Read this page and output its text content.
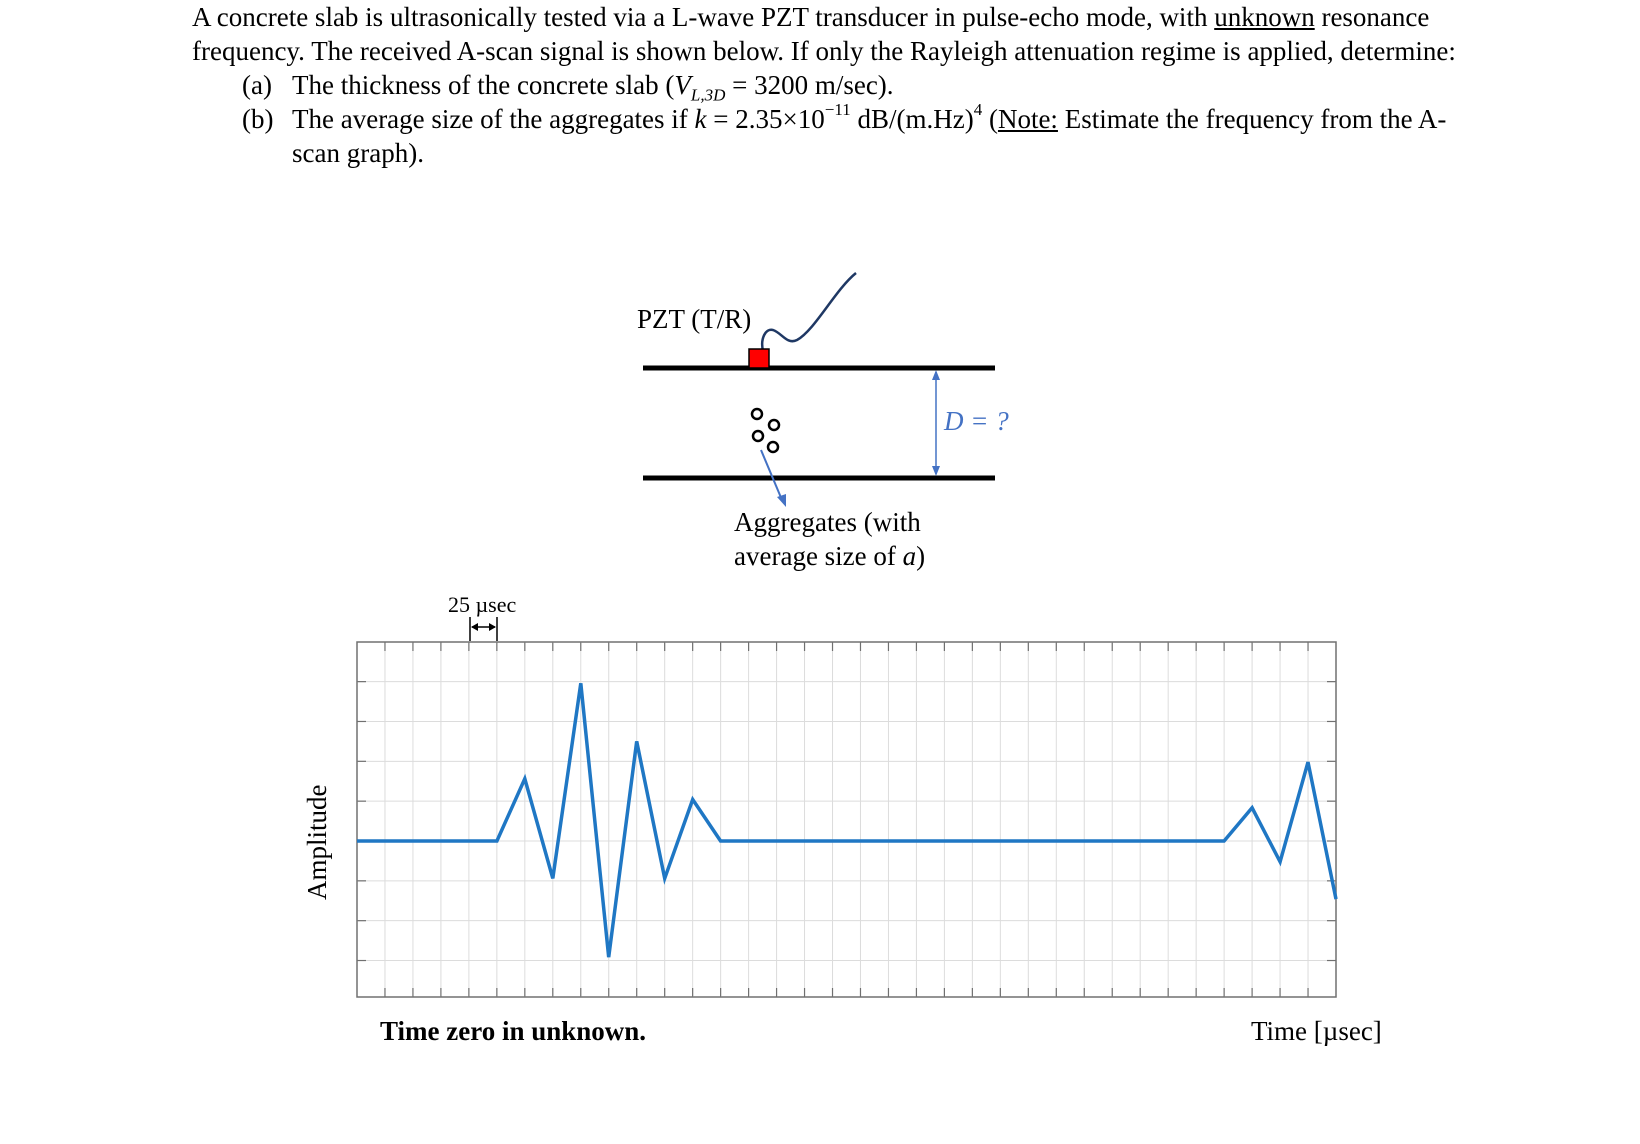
A concrete slab is ultrasonically tested via a L-wave PZT transducer in pulse-echo mode, with unknown resonance frequency. The received A-scan signal is shown below. If only the Rayleigh attenuation regime is applied, determine:

(a) The thickness of the concrete slab ($V_{L,3D} = 3200$ m/sec).
(b) The average size of the aggregates if $k = 2.35\times 10^{-11}$ $dB/(m.Hz)^4$ (Note: Estimate the frequency from the A-scan graph).
PZT (T/R)
D = ?
Aggregates (with
average size of a)
25 µsec
Amplitude
Time [µsec]
Time zero in unknown.
